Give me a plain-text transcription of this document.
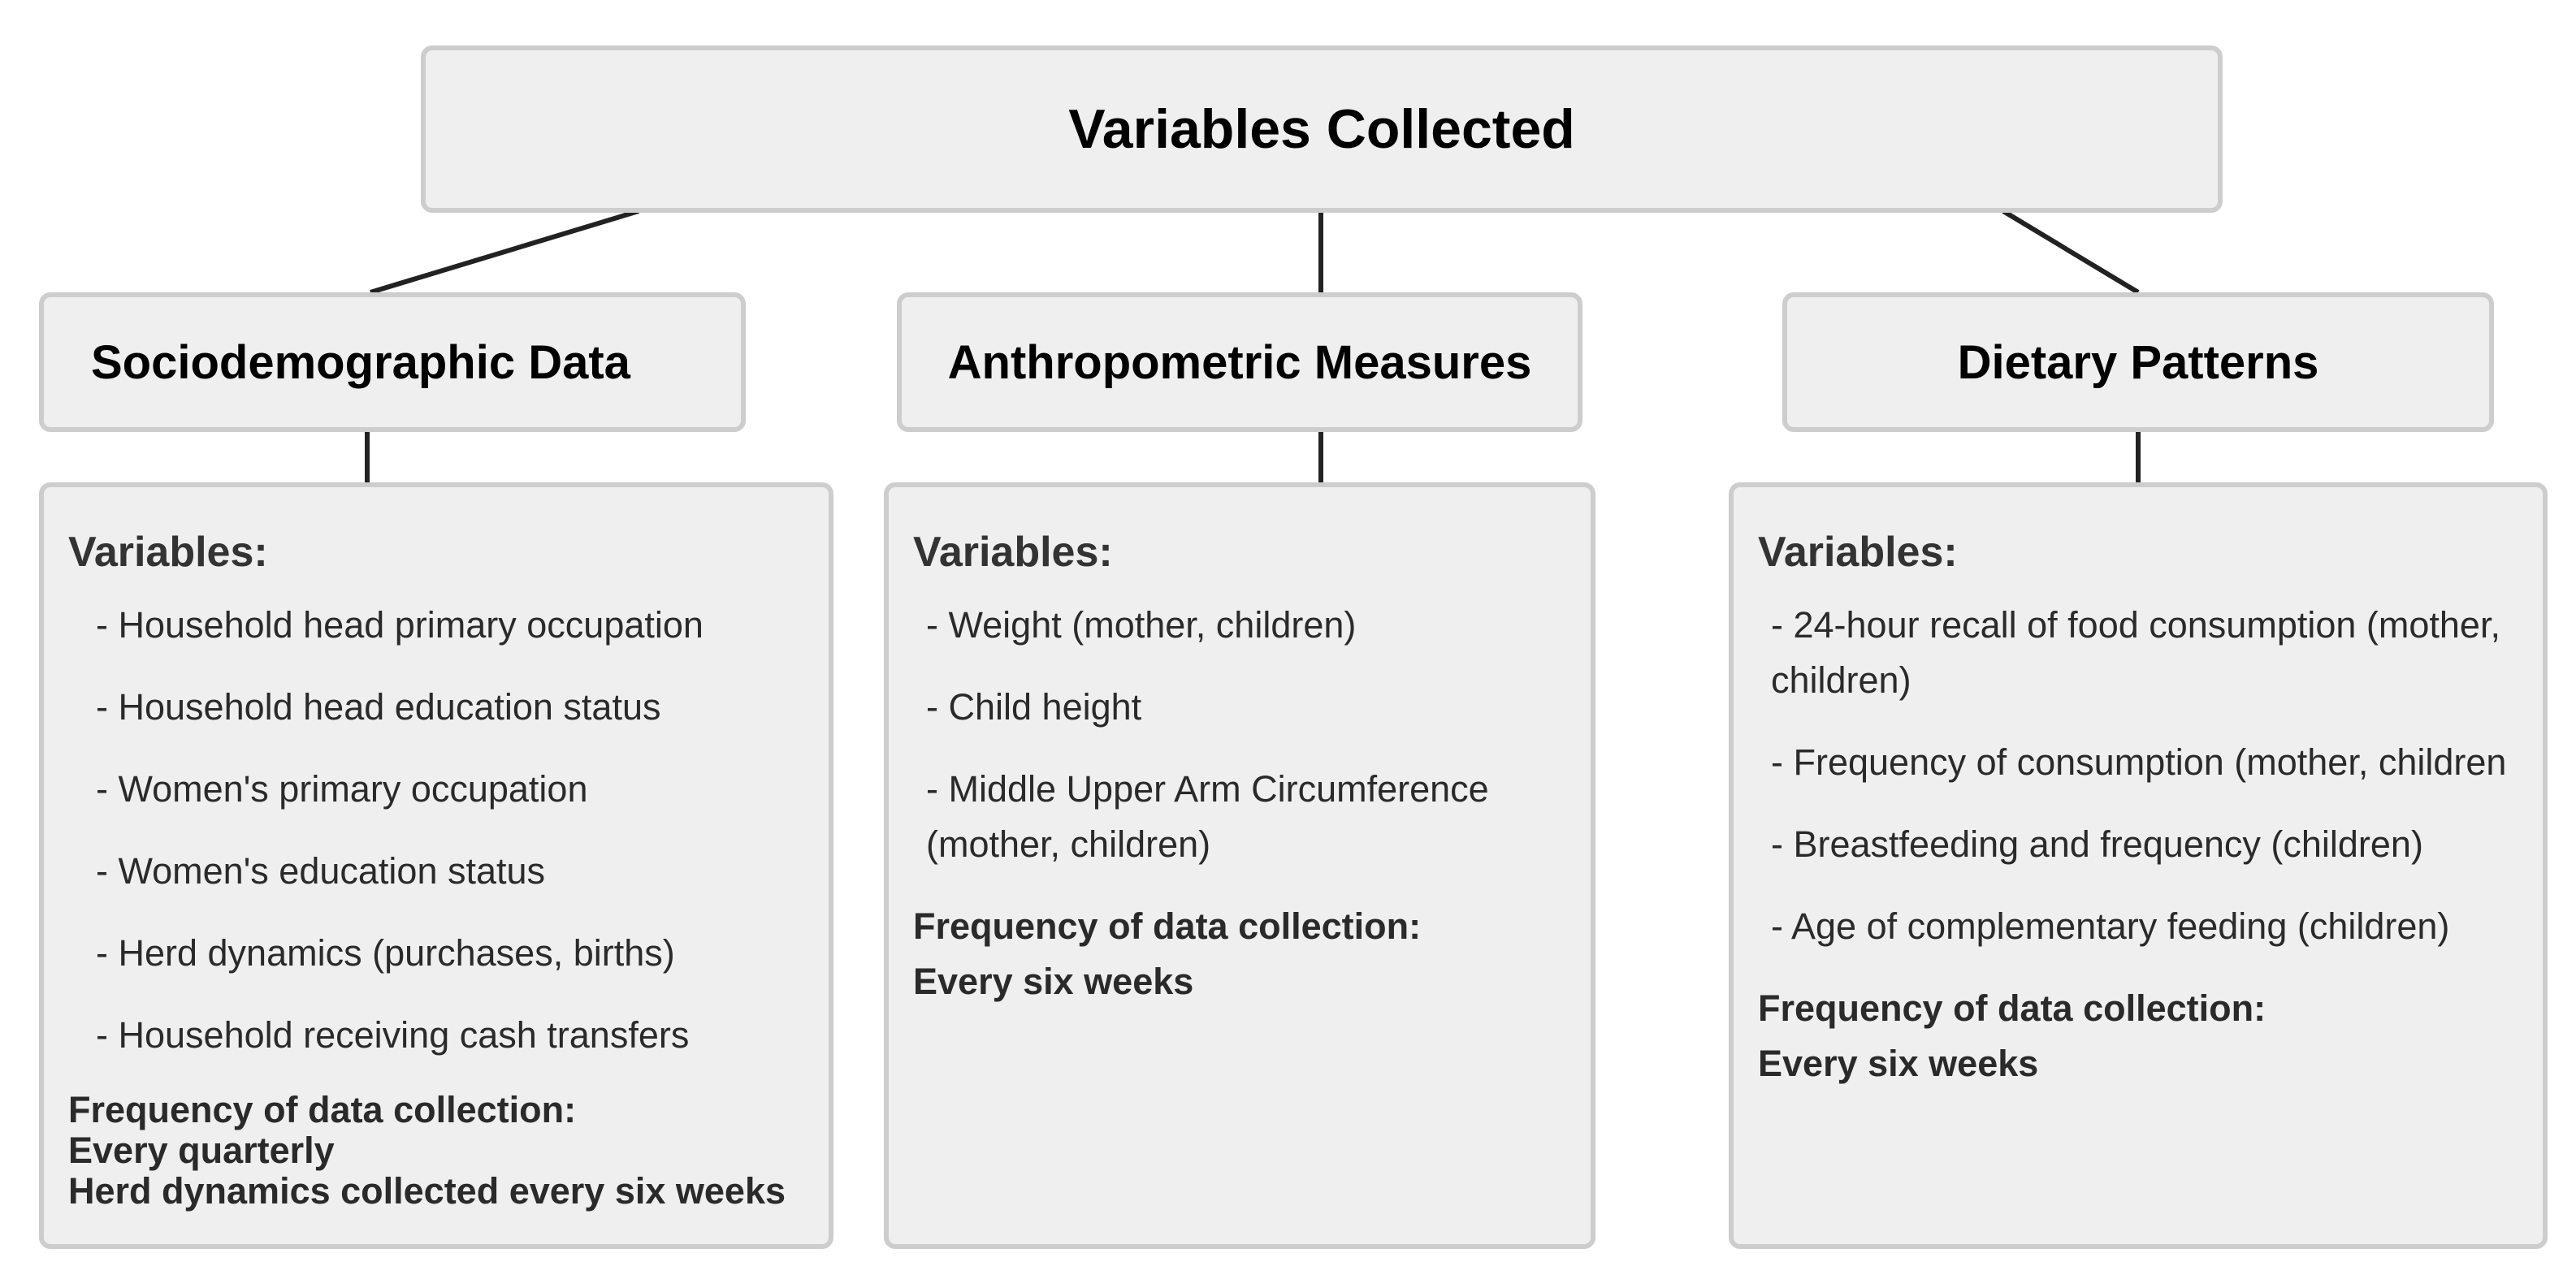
Variables Collected
Sociodemographic Data	Anthropometric Measures	Dietary Patterns
Variables:
- Household head primary occupation
- Household head education status
- Women's primary occupation
- Women's education status
- Herd dynamics (purchases, births)
- Household receiving cash transfers
Frequency of data collection:
Every quarterly
Herd dynamics collected every six weeks
Variables:
- Weight (mother, children)
- Child height
- Middle Upper Arm Circumference (mother, children)
Frequency of data collection:
Every six weeks
Variables:
- 24-hour recall of food consumption (mother, children)
- Frequency of consumption (mother, children
- Breastfeeding and frequency (children)
- Age of complementary feeding (children)
Frequency of data collection:
Every six weeks
